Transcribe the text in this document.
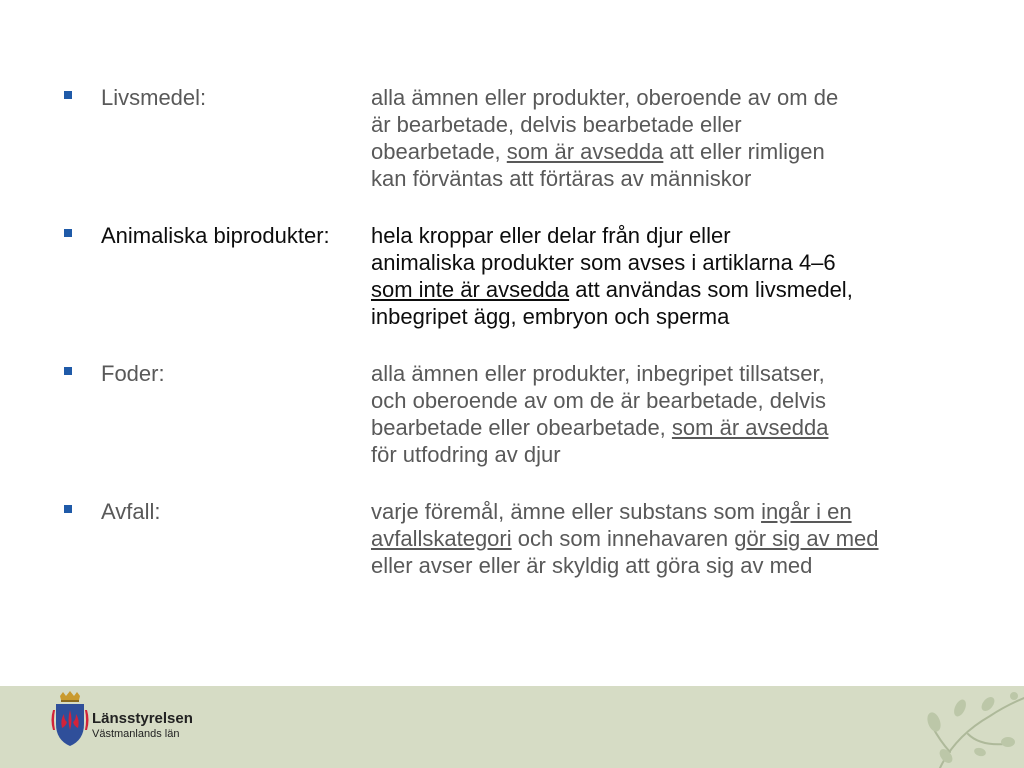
Livsmedel:	alla ämnen eller produkter, oberoende av om de
är bearbetade, delvis bearbetade eller
obearbetade, som är avsedda att eller rimligen
kan förväntas att förtäras av människor
Animaliska biprodukter: hela kroppar eller delar från djur eller
animaliska produkter som avses i artiklarna 4–6
som inte är avsedda att användas som livsmedel,
inbegripet ägg, embryon och sperma
Foder:	alla ämnen eller produkter, inbegripet tillsatser,
och oberoende av om de är bearbetade, delvis
bearbetade eller obearbetade, som är avsedda
för utfodring av djur
Avfall:	varje föremål, ämne eller substans som ingår i en
avfallskategori och som innehavaren gör sig av med
eller avser eller är skyldig att göra sig av med
Länsstyrelsen
Västmanlands län
